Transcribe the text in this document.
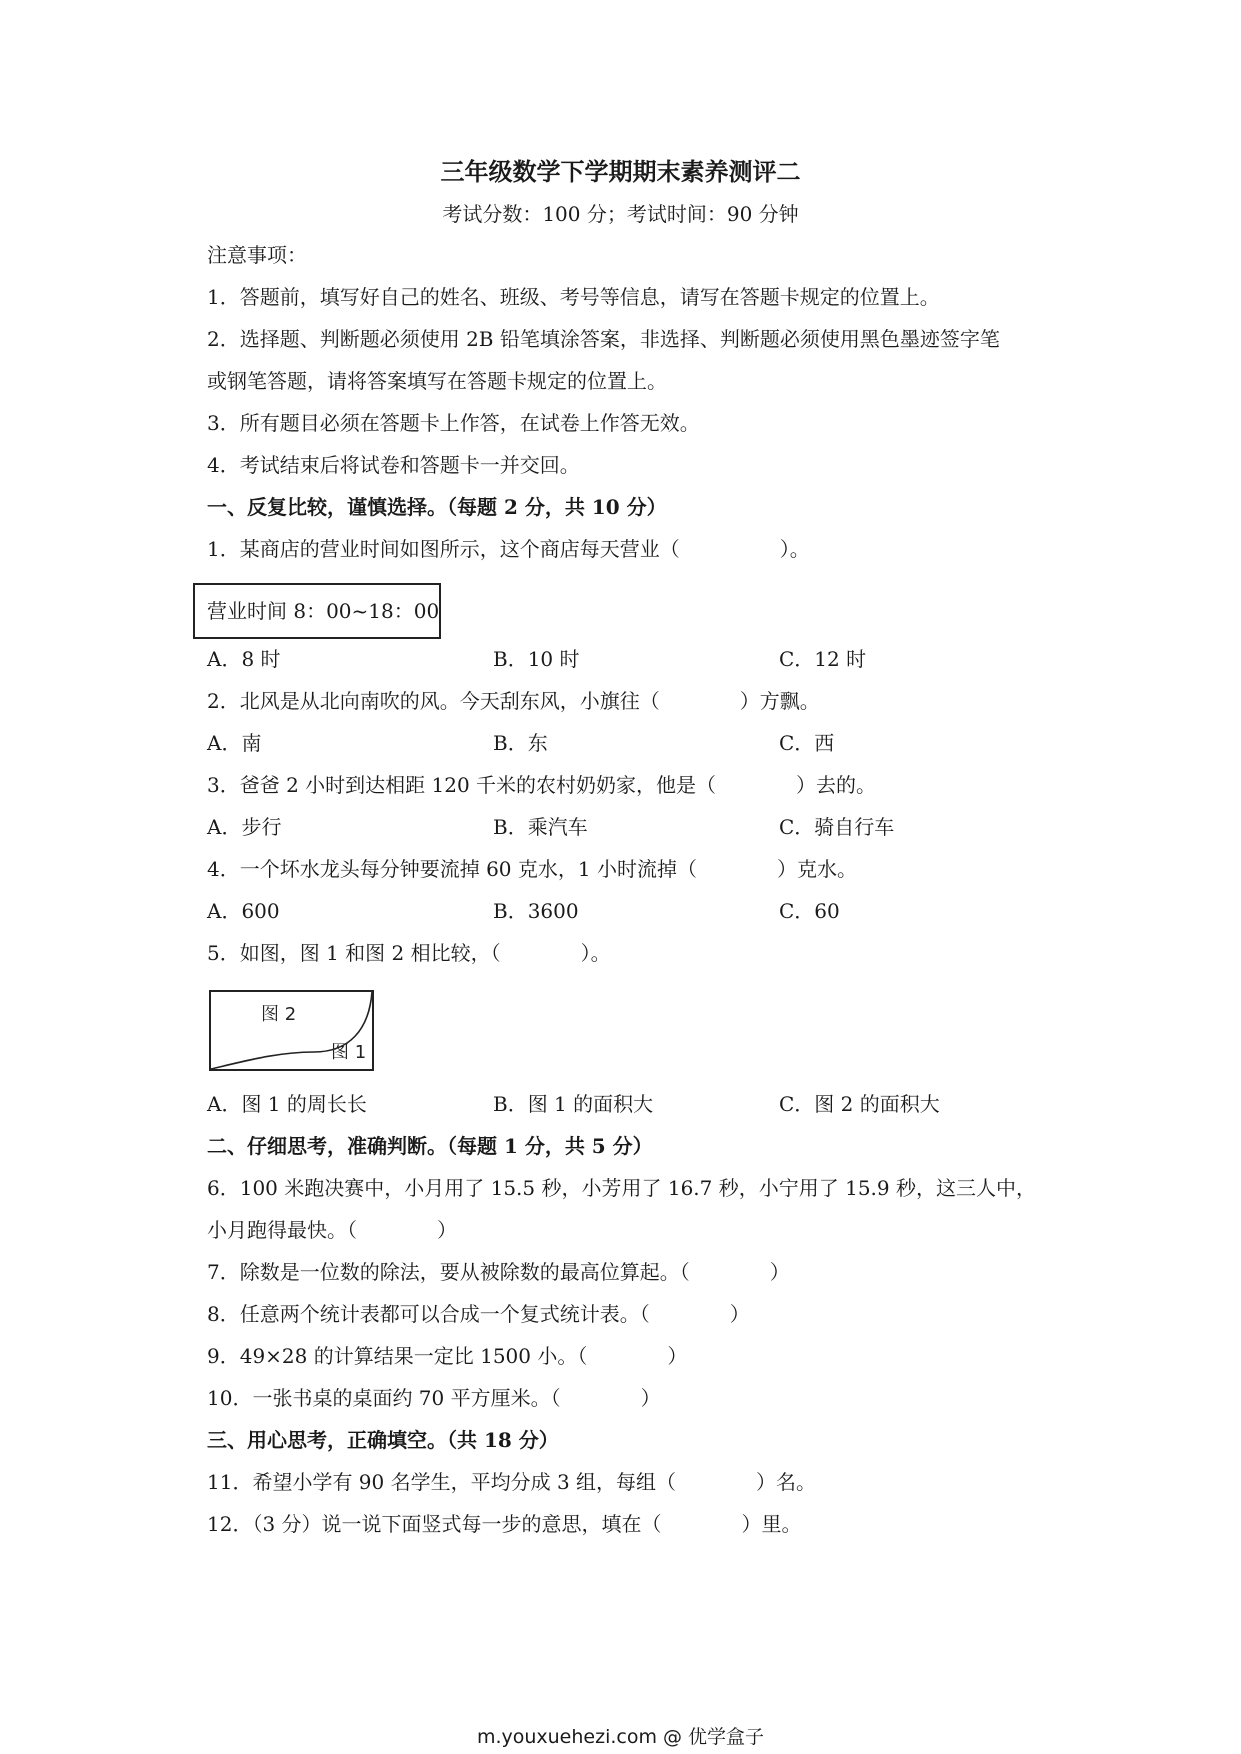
三年级数学下学期期末素养测评二
考试分数：100 分；考试时间：90 分钟
注意事项：
1．答题前，填写好自己的姓名、班级、考号等信息，请写在答题卡规定的位置上。
2．选择题、判断题必须使用 2B 铅笔填涂答案，非选择、判断题必须使用黑色墨迹签字笔
或钢笔答题，请将答案填写在答题卡规定的位置上。
3．所有题目必须在答题卡上作答，在试卷上作答无效。
4．考试结束后将试卷和答题卡一并交回。
一、反复比较，谨慎选择。（每题 2 分，共 10 分）
1．某商店的营业时间如图所示，这个商店每天营业（　　　　　）。
营业时间 8：00~18：00
A．8 时	B．10 时	C．12 时
2．北风是从北向南吹的风。今天刮东风，小旗往（　　　　）方飘。
A．南	B．东	C．西
3．爸爸 2 小时到达相距 120 千米的农村奶奶家，他是（　　　　）去的。
A．步行	B．乘汽车	C．骑自行车
4．一个坏水龙头每分钟要流掉 60 克水，1 小时流掉（　　　　）克水。
A．600	B．3600	C．60
5．如图，图 1 和图 2 相比较，（　　　　）。
图 2
图 1
A．图 1 的周长长	B．图 1 的面积大	C．图 2 的面积大
二、仔细思考，准确判断。（每题 1 分，共 5 分）
6．100 米跑决赛中，小月用了 15.5 秒，小芳用了 16.7 秒，小宁用了 15.9 秒，这三人中，
小月跑得最快。（　　　　）
7．除数是一位数的除法，要从被除数的最高位算起。（　　　　）
8．任意两个统计表都可以合成一个复式统计表。（　　　　）
9．49×28 的计算结果一定比 1500 小。（　　　　）
10．一张书桌的桌面约 70 平方厘米。（　　　　）
三、用心思考，正确填空。（共 18 分）
11．希望小学有 90 名学生，平均分成 3 组，每组（　　　　）名。
12．（3 分）说一说下面竖式每一步的意思，填在（　　　　）里。
m.youxuehezi.com @ 优学盒子
